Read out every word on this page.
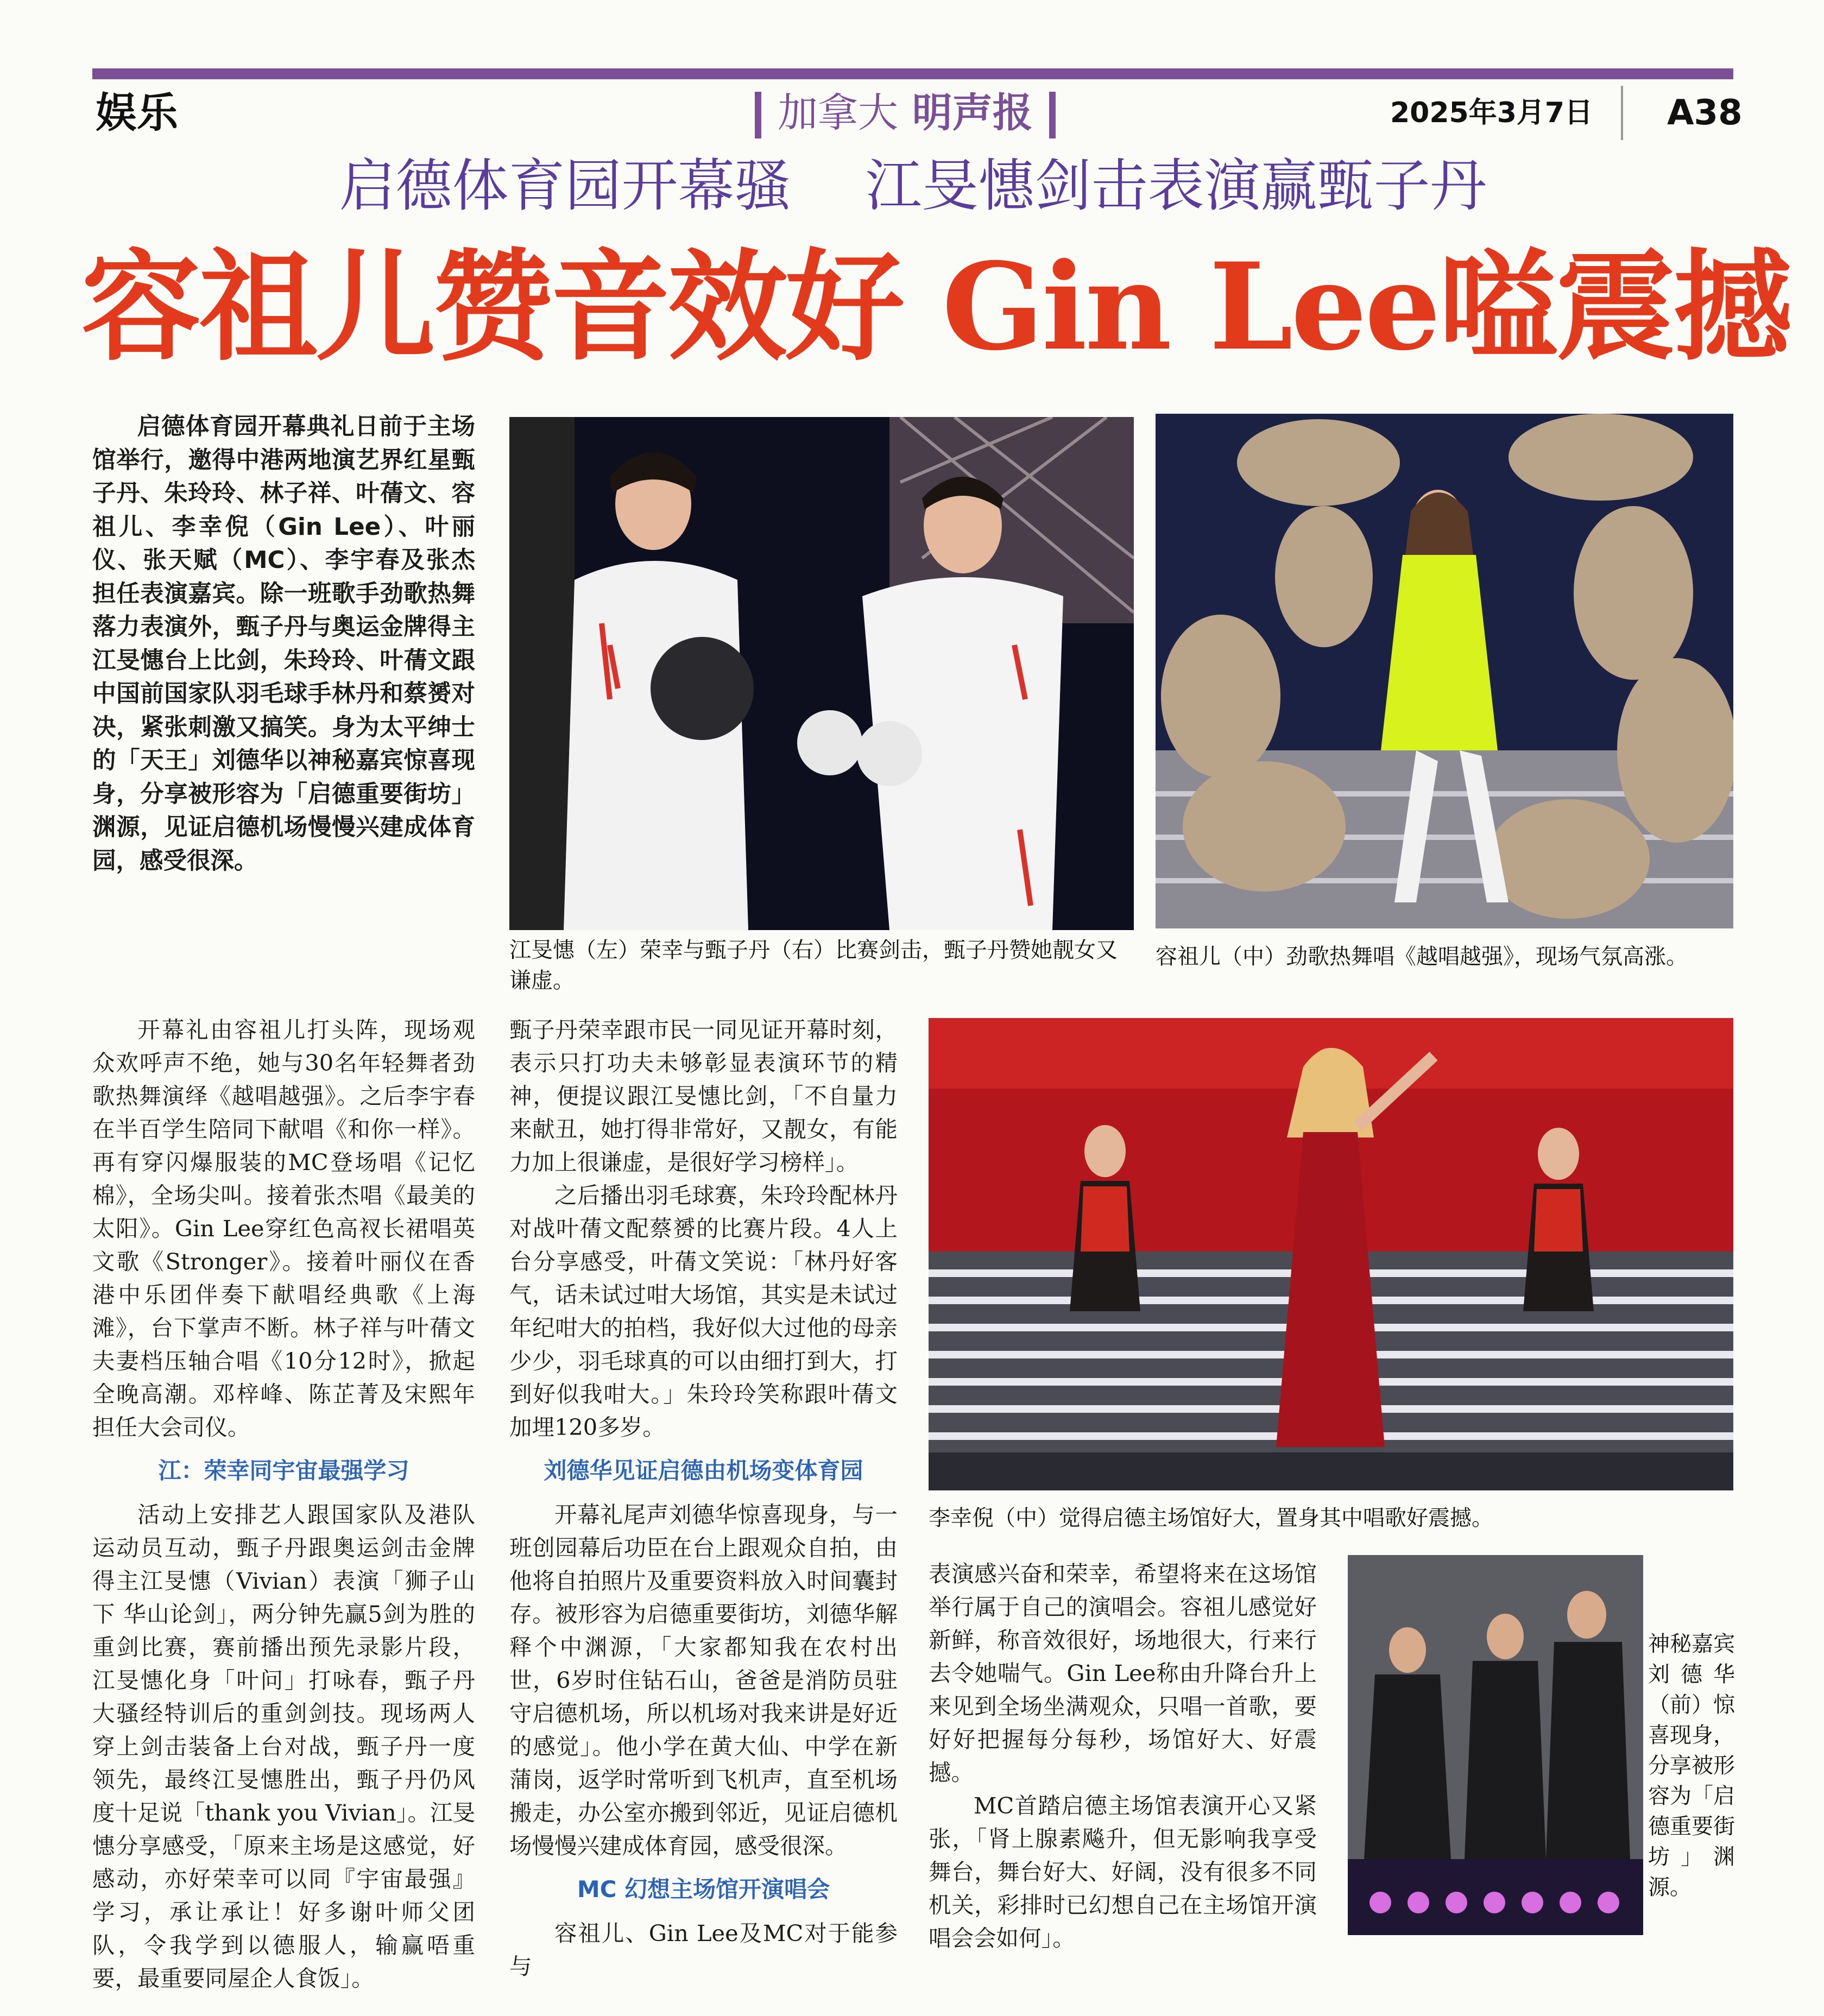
娱乐	加拿大 明声报	2025年3月7日 A38
启德体育园开幕骚　 江旻憓剑击表演赢甄子丹
容祖儿赞音效好 Gin Lee嗌震撼

启德体育园开幕典礼日前于主场馆举行，邀得中港两地演艺界红星甄子丹、朱玲玲、林子祥、叶蒨文、容祖儿、李幸倪（Gin Lee）、叶丽仪、张天赋（MC）、李宇春及张杰担任表演嘉宾。除一班歌手劲歌热舞落力表演外，甄子丹与奥运金牌得主江旻憓台上比剑，朱玲玲、叶蒨文跟中国前国家队羽毛球手林丹和蔡赟对决，紧张刺激又搞笑。身为太平绅士的「天王」刘德华以神秘嘉宾惊喜现身，分享被形容为「启德重要街坊」渊源，见证启德机场慢慢兴建成体育园，感受很深。

江旻憓（左）荣幸与甄子丹（右）比赛剑击，甄子丹赞她靓女又谦虚。
容祖儿（中）劲歌热舞唱《越唱越强》，现场气氛高涨。
李幸倪（中）觉得启德主场馆好大，置身其中唱歌好震撼。
神秘嘉宾刘德华（前）惊喜现身，分享被形容为「启德重要街坊」渊源。

开幕礼由容祖儿打头阵，现场观众欢呼声不绝，她与30名年轻舞者劲歌热舞演绎《越唱越强》。之后李宇春在半百学生陪同下献唱《和你一样》。再有穿闪爆服装的MC登场唱《记忆棉》，全场尖叫。接着张杰唱《最美的太阳》。Gin Lee穿红色高衩长裙唱英文歌《Stronger》。接着叶丽仪在香港中乐团伴奏下献唱经典歌《上海滩》，台下掌声不断。林子祥与叶蒨文夫妻档压轴合唱《10分12时》，掀起全晚高潮。邓梓峰、陈芷菁及宋熙年担任大会司仪。

江：荣幸同宇宙最强学习

活动上安排艺人跟国家队及港队运动员互动，甄子丹跟奥运剑击金牌得主江旻憓（Vivian）表演「狮子山下 华山论剑」，两分钟先赢5剑为胜的重剑比赛，赛前播出预先录影片段，江旻憓化身「叶问」打咏春，甄子丹大骚经特训后的重剑剑技。现场两人穿上剑击装备上台对战，甄子丹一度领先，最终江旻憓胜出，甄子丹仍风度十足说「thank you Vivian」。江旻憓分享感受，「原来主场是这感觉，好感动，亦好荣幸可以同『宇宙最强』学习，承让承让！好多谢叶师父团队，令我学到以德服人，输赢唔重要，最重要同屋企人食饭」。

甄子丹荣幸跟市民一同见证开幕时刻，表示只打功夫未够彰显表演环节的精神，便提议跟江旻憓比剑，「不自量力来献丑，她打得非常好，又靓女，有能力加上很谦虚，是很好学习榜样」。

之后播出羽毛球赛，朱玲玲配林丹对战叶蒨文配蔡赟的比赛片段。4人上台分享感受，叶蒨文笑说：「林丹好客气，话未试过咁大场馆，其实是未试过年纪咁大的拍档，我好似大过他的母亲少少，羽毛球真的可以由细打到大，打到好似我咁大。」朱玲玲笑称跟叶蒨文加埋120多岁。

刘德华见证启德由机场变体育园

开幕礼尾声刘德华惊喜现身，与一班创园幕后功臣在台上跟观众自拍，由他将自拍照片及重要资料放入时间囊封存。被形容为启德重要街坊，刘德华解释个中渊源，「大家都知我在农村出世，6岁时住钻石山，爸爸是消防员驻守启德机场，所以机场对我来讲是好近的感觉」。他小学在黄大仙、中学在新蒲岗，返学时常听到飞机声，直至机场搬走，办公室亦搬到邻近，见证启德机场慢慢兴建成体育园，感受很深。

MC 幻想主场馆开演唱会

容祖儿、Gin Lee及MC对于能参与

表演感兴奋和荣幸，希望将来在这场馆举行属于自己的演唱会。容祖儿感觉好新鲜，称音效很好，场地很大，行来行去令她喘气。Gin Lee称由升降台升上来见到全场坐满观众，只唱一首歌，要好好把握每分每秒，场馆好大、好震撼。

MC首踏启德主场馆表演开心又紧张，「肾上腺素飚升，但无影响我享受舞台，舞台好大、好阔，没有很多不同机关，彩排时已幻想自己在主场馆开演唱会会如何」。
